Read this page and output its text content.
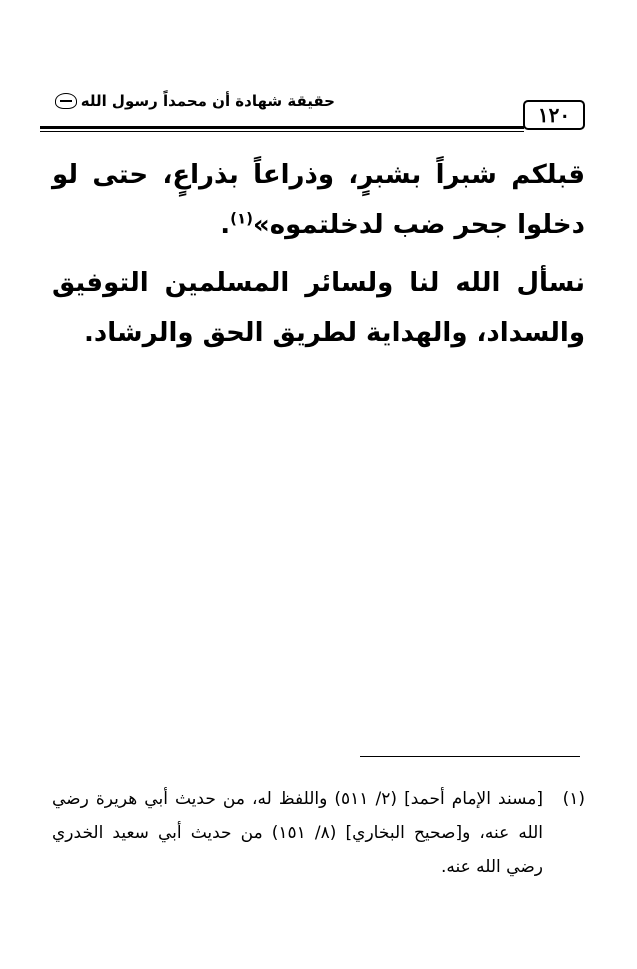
١٢٠
حقيقة شهادة أن محمداً رسول الله

قبلكم شبراً بشبرٍ، وذراعاً بذراعٍ، حتى لو دخلوا جحر ضب لدخلتموه»$^{(١)}$.

نسأل الله لنا ولسائر المسلمين التوفيق والسداد، والهداية لطريق الحق والرشاد.

(١)
[مسند الإمام أحمد] (٢/ ٥١١) واللفظ له، من حديث أبي هريرة رضي الله عنه، و[صحيح البخاري] (٨/ ١٥١) من حديث أبي سعيد الخدري رضي الله عنه.
